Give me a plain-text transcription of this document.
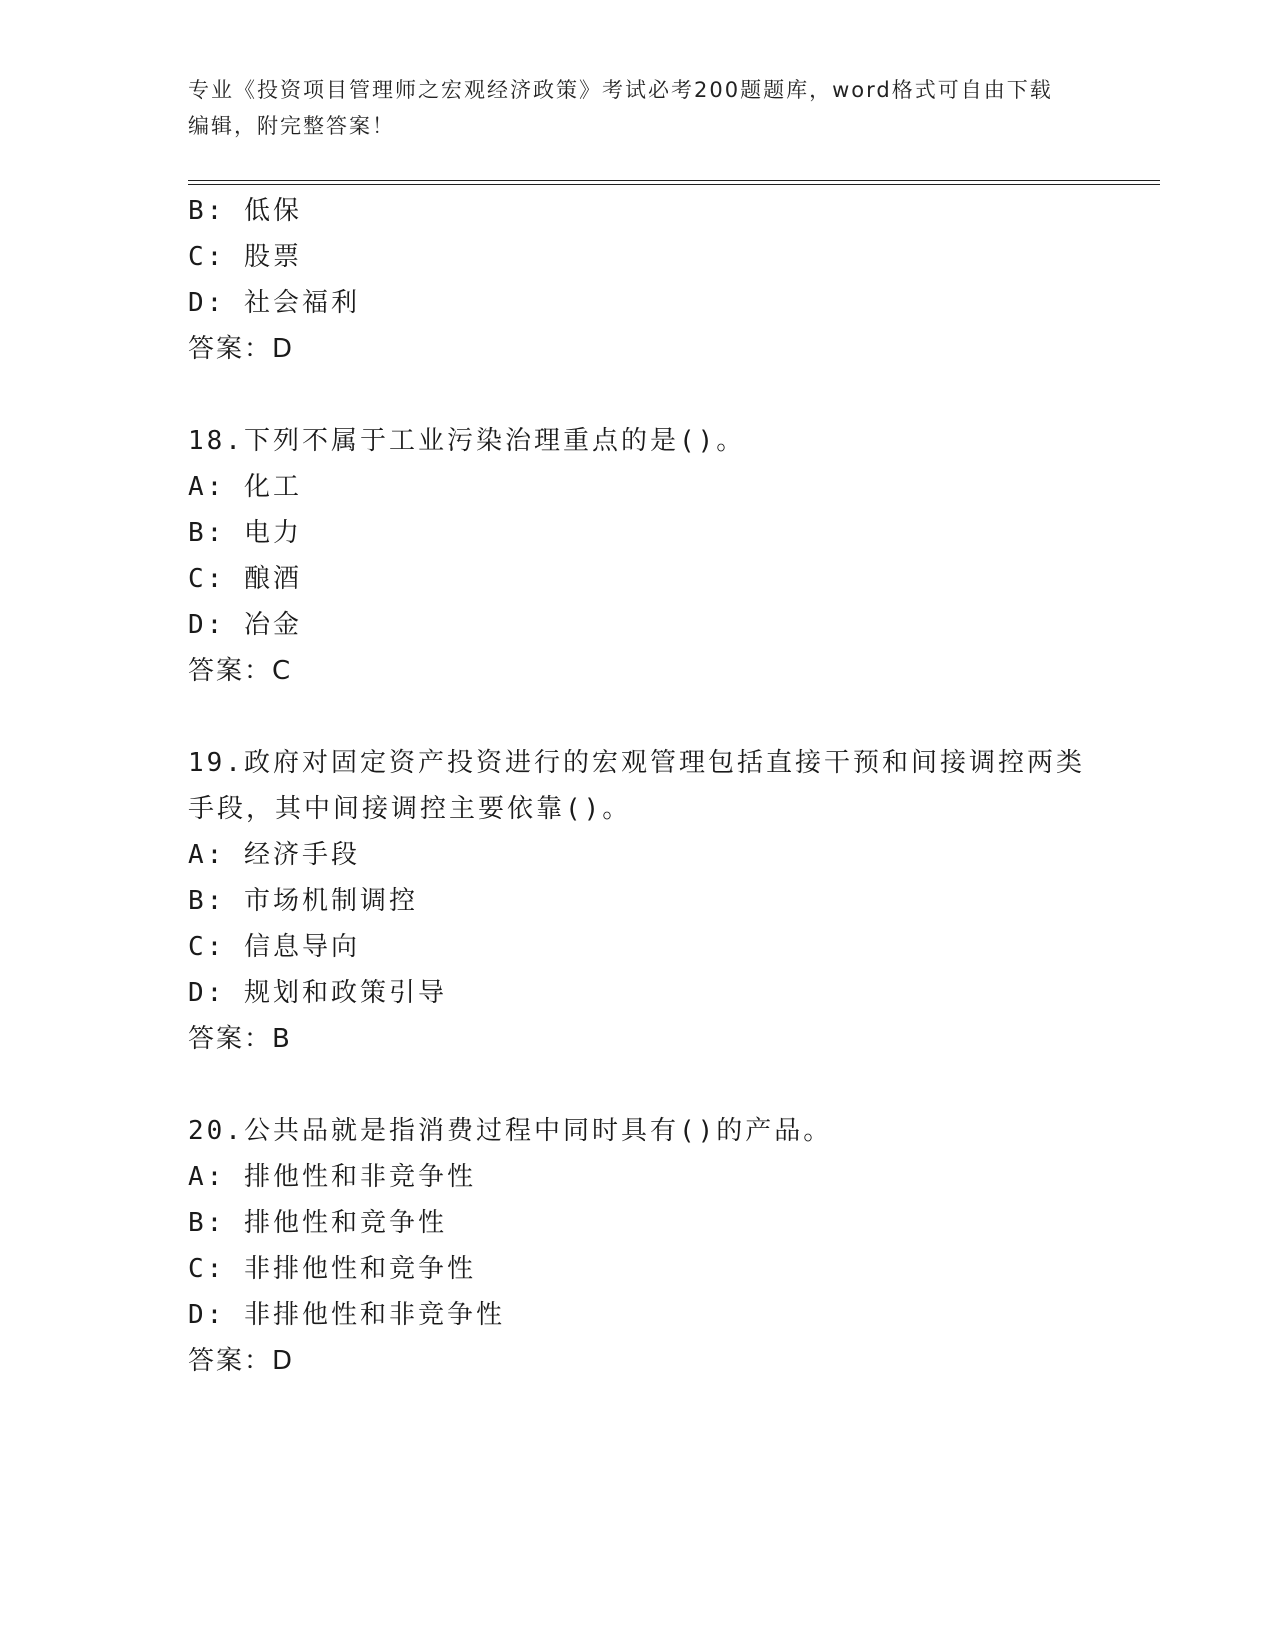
专业《投资项目管理师之宏观经济政策》考试必考200题题库，word格式可自由下载编辑，附完整答案！
B: 低保
C: 股票
D: 社会福利
答案：D
18.下列不属于工业污染治理重点的是()。
A: 化工
B: 电力
C: 酿酒
D: 冶金
答案：C
19.政府对固定资产投资进行的宏观管理包括直接干预和间接调控两类
手段，其中间接调控主要依靠()。
A: 经济手段
B: 市场机制调控
C: 信息导向
D: 规划和政策引导
答案：B
20.公共品就是指消费过程中同时具有()的产品。
A: 排他性和非竞争性
B: 排他性和竞争性
C: 非排他性和竞争性
D: 非排他性和非竞争性
答案：D
